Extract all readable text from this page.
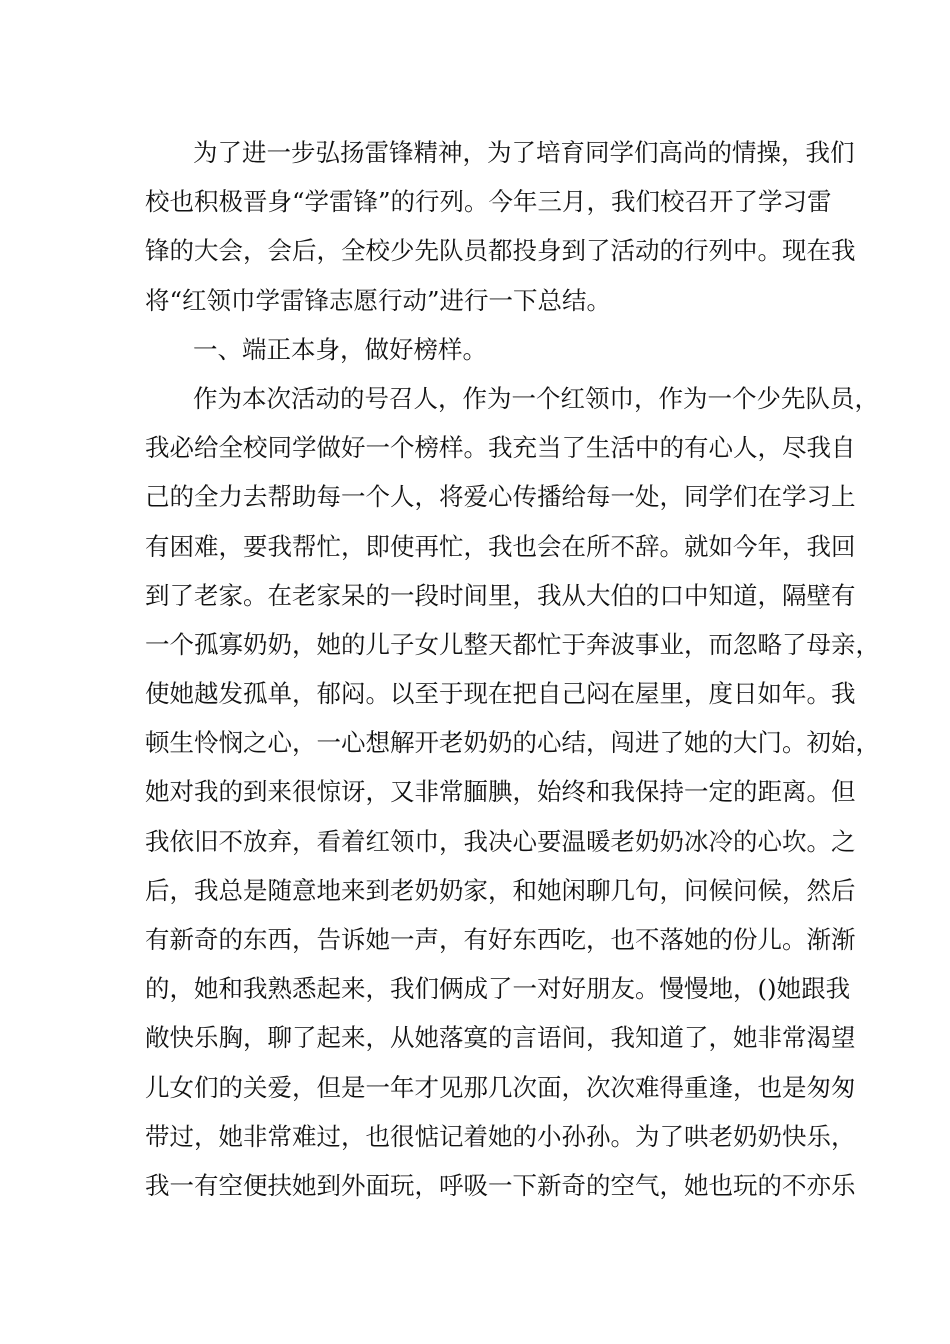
为了进一步弘扬雷锋精神，为了培育同学们高尚的情操，我们
校也积极晋身“学雷锋”的行列。今年三月，我们校召开了学习雷
锋的大会，会后，全校少先队员都投身到了活动的行列中。现在我
将“红领巾学雷锋志愿行动”进行一下总结。
一、端正本身，做好榜样。
作为本次活动的号召人，作为一个红领巾，作为一个少先队员，
我必给全校同学做好一个榜样。我充当了生活中的有心人，尽我自
己的全力去帮助每一个人，将爱心传播给每一处，同学们在学习上
有困难，要我帮忙，即使再忙，我也会在所不辞。就如今年，我回
到了老家。在老家呆的一段时间里，我从大伯的口中知道，隔壁有
一个孤寡奶奶，她的儿子女儿整天都忙于奔波事业，而忽略了母亲，
使她越发孤单，郁闷。以至于现在把自己闷在屋里，度日如年。我
顿生怜悯之心，一心想解开老奶奶的心结，闯进了她的大门。初始，
她对我的到来很惊讶，又非常腼腆，始终和我保持一定的距离。但
我依旧不放弃，看着红领巾，我决心要温暖老奶奶冰冷的心坎。之
后，我总是随意地来到老奶奶家，和她闲聊几句，问候问候，然后
有新奇的东西，告诉她一声，有好东西吃，也不落她的份儿。渐渐
的，她和我熟悉起来，我们俩成了一对好朋友。慢慢地，()她跟我
敞快乐胸，聊了起来，从她落寞的言语间，我知道了，她非常渴望
儿女们的关爱，但是一年才见那几次面，次次难得重逢，也是匆匆
带过，她非常难过，也很惦记着她的小孙孙。为了哄老奶奶快乐，
我一有空便扶她到外面玩，呼吸一下新奇的空气，她也玩的不亦乐
